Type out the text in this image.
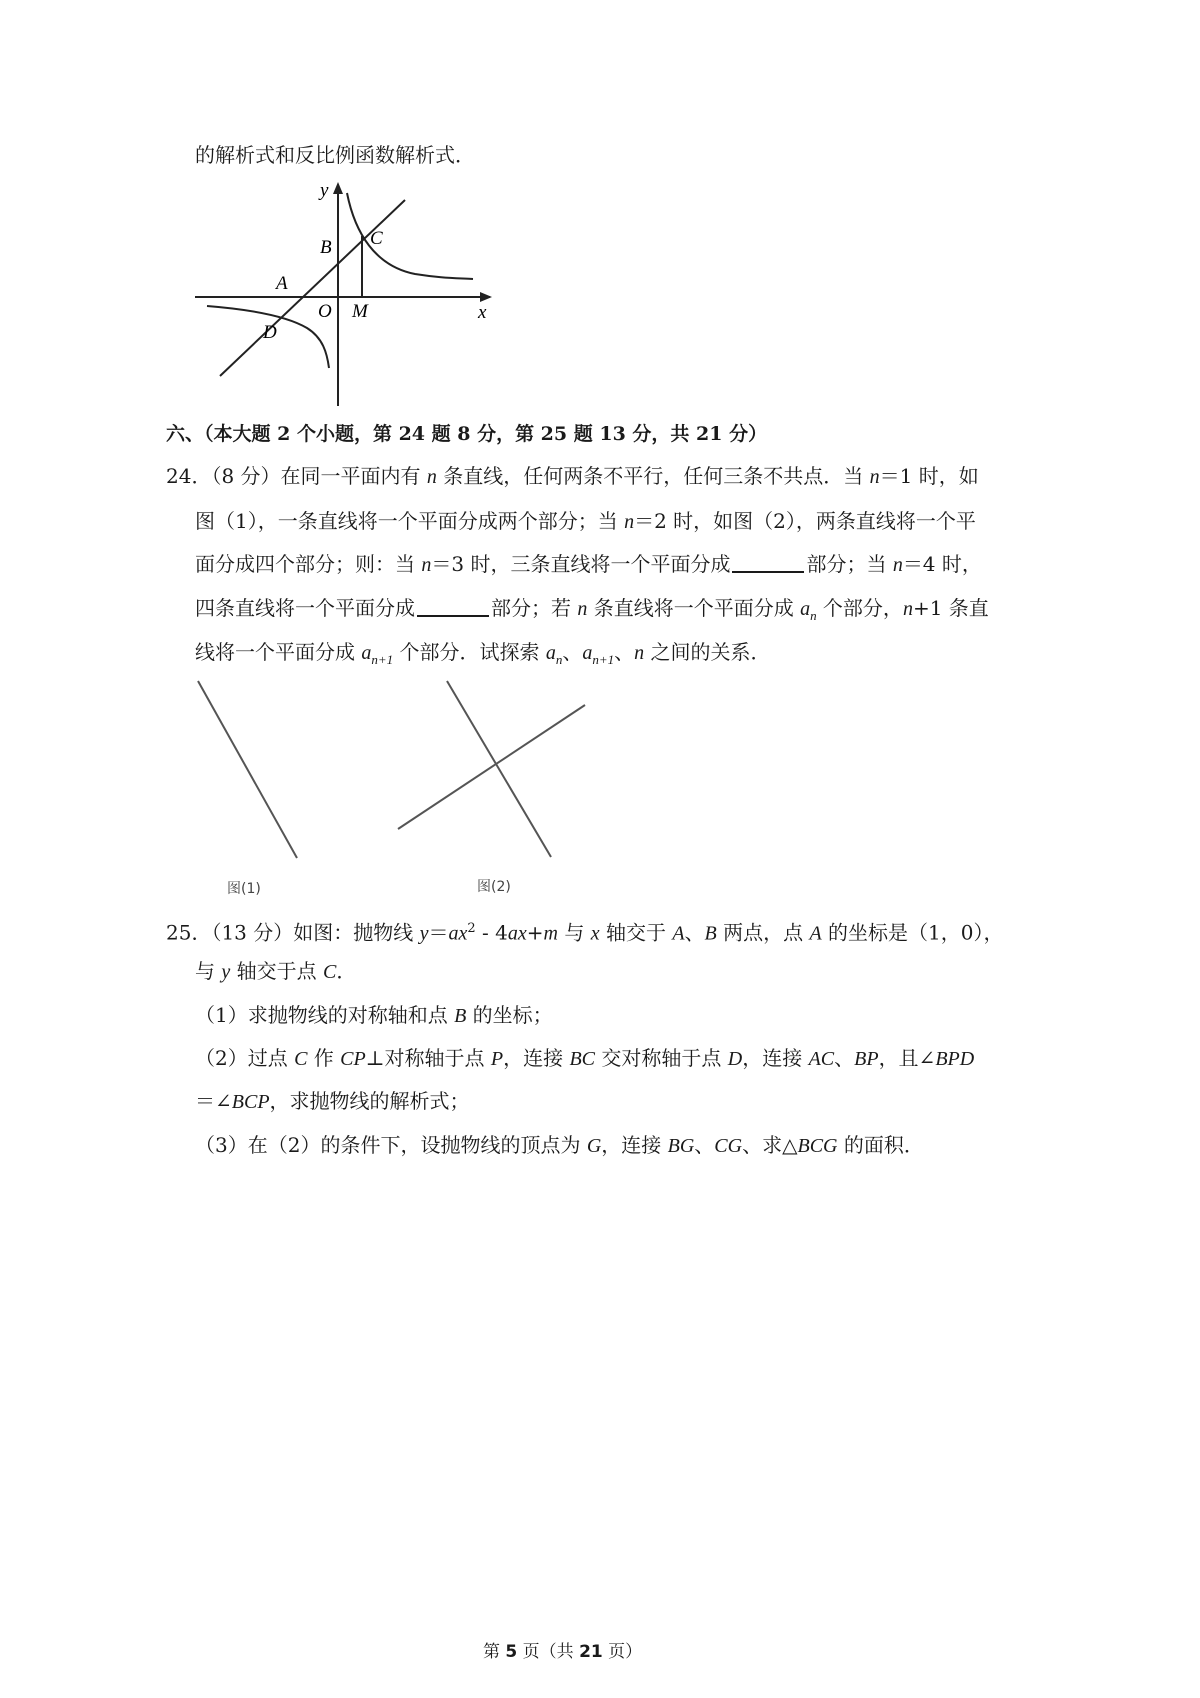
的解析式和反比例函数解析式．
y
x
A
B C
D
O M
六、（本大题 2 个小题，第 24 题 8 分，第 25 题 13 分，共 21 分）
24．（8 分）在同一平面内有 n 条直线，任何两条不平行，任何三条不共点．当 n＝1 时，如
图（1），一条直线将一个平面分成两个部分；当 n＝2 时，如图（2），两条直线将一个平
面分成四个部分；则：当 n＝3 时，三条直线将一个平面分成	部分；当 n＝4 时，
四条直线将一个平面分成	部分；若 n 条直线将一个平面分成 $a_n$ 个部分，n+1 条直
线将一个平面分成 $a_{n+1}$ 个部分．试探索 $a_n$、$a_{n+1}$、n 之间的关系．
图(1)	图(2)
25．（13 分）如图：抛物线 $y=ax^2$ ‐ 4ax+m 与 x 轴交于 A、B 两点，点 A 的坐标是（1，0），
与 y 轴交于点 C．
（1）求抛物线的对称轴和点 B 的坐标；
（2）过点 C 作 CP⊥对称轴于点 P，连接 BC 交对称轴于点 D，连接 AC、BP，且∠BPD
＝∠BCP，求抛物线的解析式；
（3）在（2）的条件下，设抛物线的顶点为 G，连接 BG、CG、求△BCG 的面积．
第 5 页（共 21 页）
